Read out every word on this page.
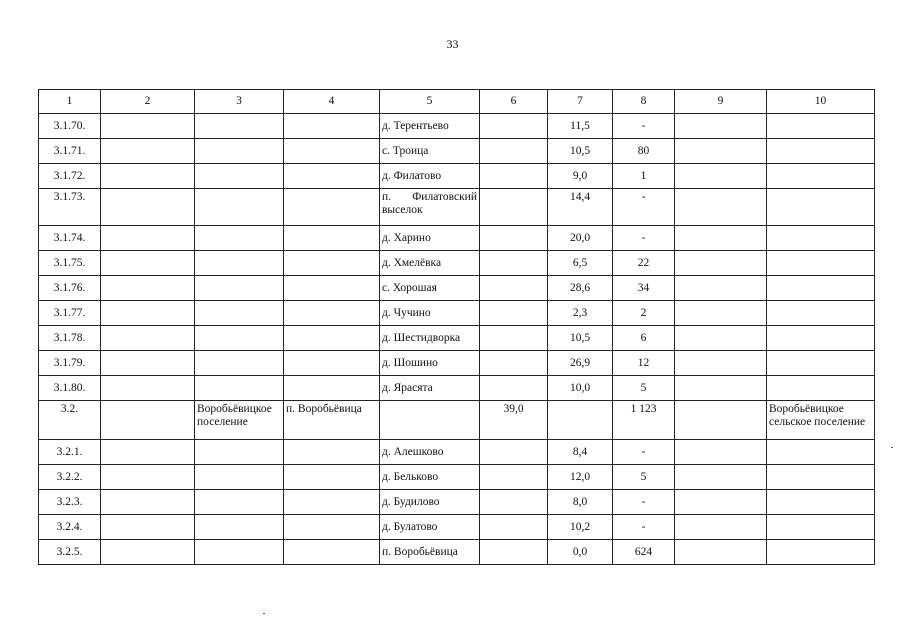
33
1	2	3	4	5	6	7	8	9	10
3.1.70.				д. Терентьево		11,5	-		
3.1.71.				с. Троица		10,5	80		
3.1.72.				д. Филатово		9,0	1		
3.1.73.				п. Филатовский выселок		14,4	-		
3.1.74.				д. Харино		20,0	-		
3.1.75.				д. Хмелёвка		6,5	22		
3.1.76.				с. Хорошая		28,6	34		
3.1.77.				д. Чучино		2,3	2		
3.1.78.				д. Шестидворка		10,5	6		
3.1.79.				д. Шошино		26,9	12		
3.1.80.				д. Ярасята		10,0	5		
3.2.		Воробьёвицкое поселение	п. Воробьёвица		39,0		1 123		Воробьёвицкое сельское поселение
3.2.1.				д. Алешково		8,4	-		
3.2.2.				д. Бельково		12,0	5		
3.2.3.				д. Будилово		8,0	-		
3.2.4.				д. Булатово		10,2	-		
3.2.5.				п. Воробьёвица		0,0	624		
